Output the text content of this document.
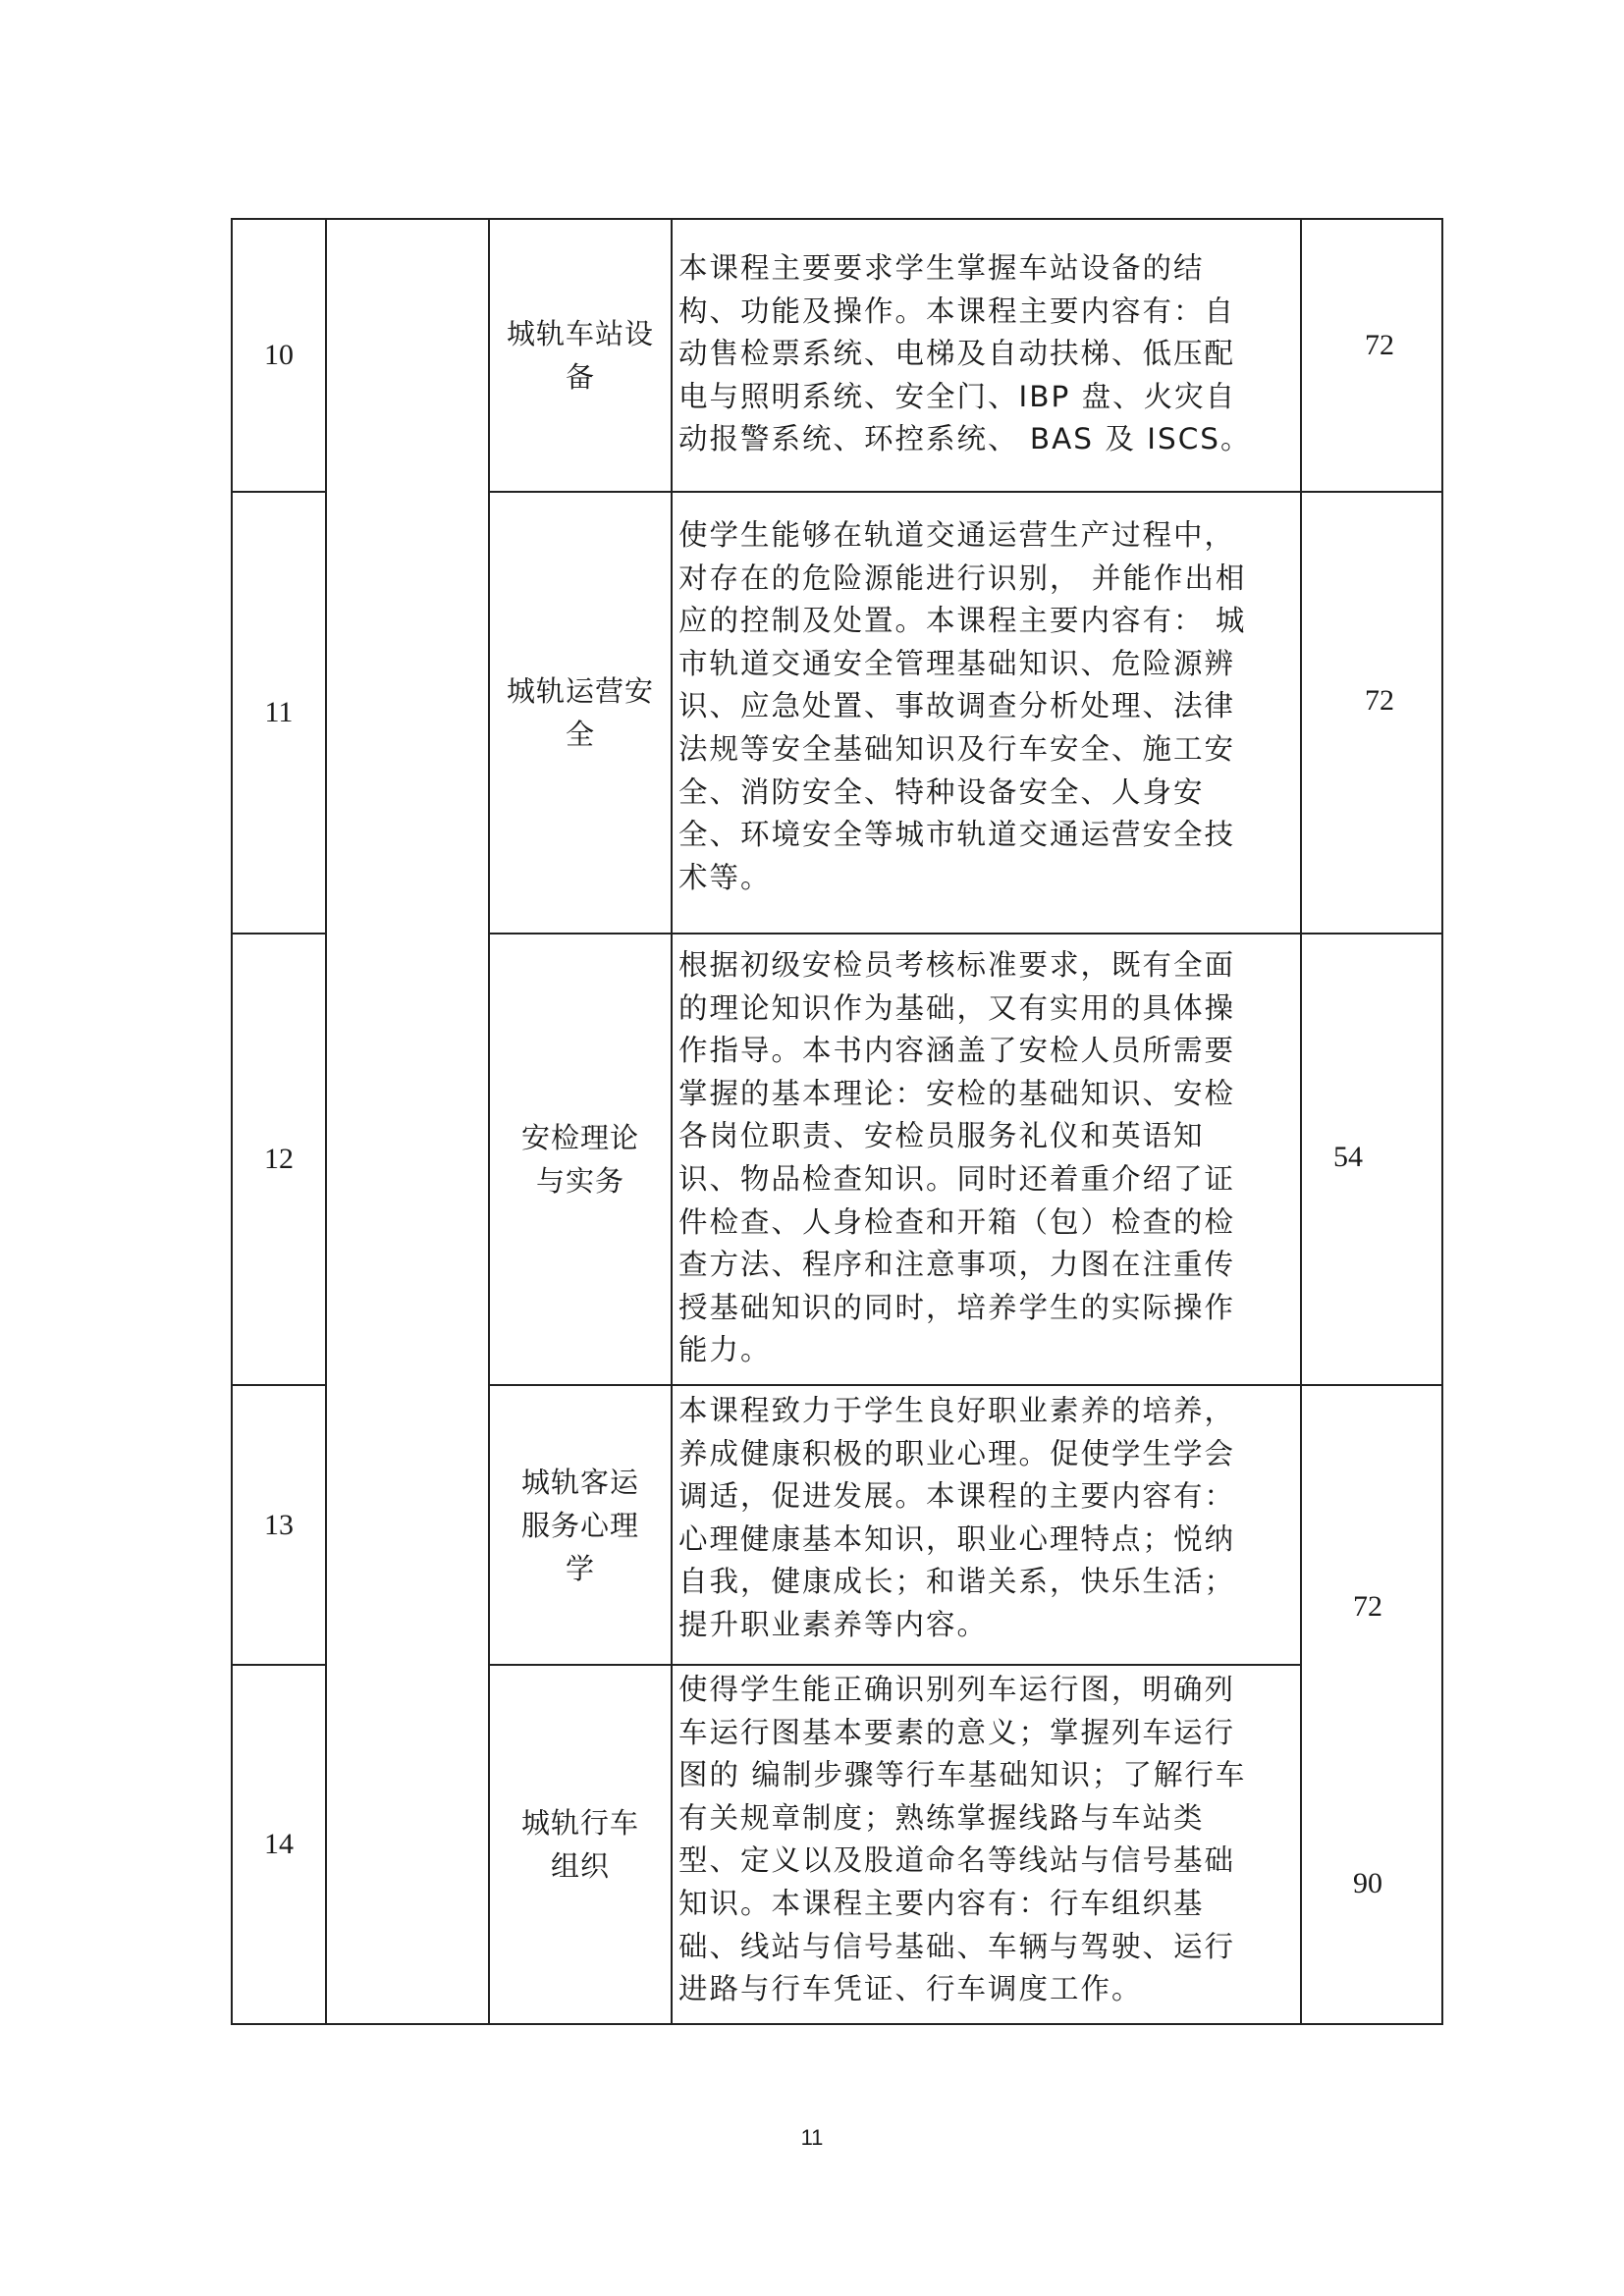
10
城轨车站设备
本课程主要要求学生掌握车站设备的结
构、功能及操作。本课程主要内容有：自
动售检票系统、电梯及自动扶梯、低压配
电与照明系统、安全门、IBP 盘、火灾自
动报警系统、环控系统、 BAS 及 ISCS。
72
11
城轨运营安全
使学生能够在轨道交通运营生产过程中，
对存在的危险源能进行识别， 并能作出相
应的控制及处置。本课程主要内容有： 城
市轨道交通安全管理基础知识、危险源辨
识、应急处置、事故调查分析处理、法律
法规等安全基础知识及行车安全、施工安
全、消防安全、特种设备安全、人身安
全、环境安全等城市轨道交通运营安全技
术等。
72
12
安检理论与实务
根据初级安检员考核标准要求，既有全面
的理论知识作为基础，又有实用的具体操
作指导。本书内容涵盖了安检人员所需要
掌握的基本理论：安检的基础知识、安检
各岗位职责、安检员服务礼仪和英语知
识、物品检查知识。同时还着重介绍了证
件检查、人身检查和开箱（包）检查的检
查方法、程序和注意事项，力图在注重传
授基础知识的同时，培养学生的实际操作
能力。
54
13
城轨客运服务心理学
本课程致力于学生良好职业素养的培养，
养成健康积极的职业心理。促使学生学会
调适，促进发展。本课程的主要内容有：
心理健康基本知识，职业心理特点；悦纳
自我，健康成长；和谐关系，快乐生活；
提升职业素养等内容。
72
14
城轨行车组织
使得学生能正确识别列车运行图，明确列
车运行图基本要素的意义；掌握列车运行
图的 编制步骤等行车基础知识；了解行车
有关规章制度；熟练掌握线路与车站类
型、定义以及股道命名等线站与信号基础
知识。本课程主要内容有：行车组织基
础、线站与信号基础、车辆与驾驶、运行
进路与行车凭证、行车调度工作。
90
11
